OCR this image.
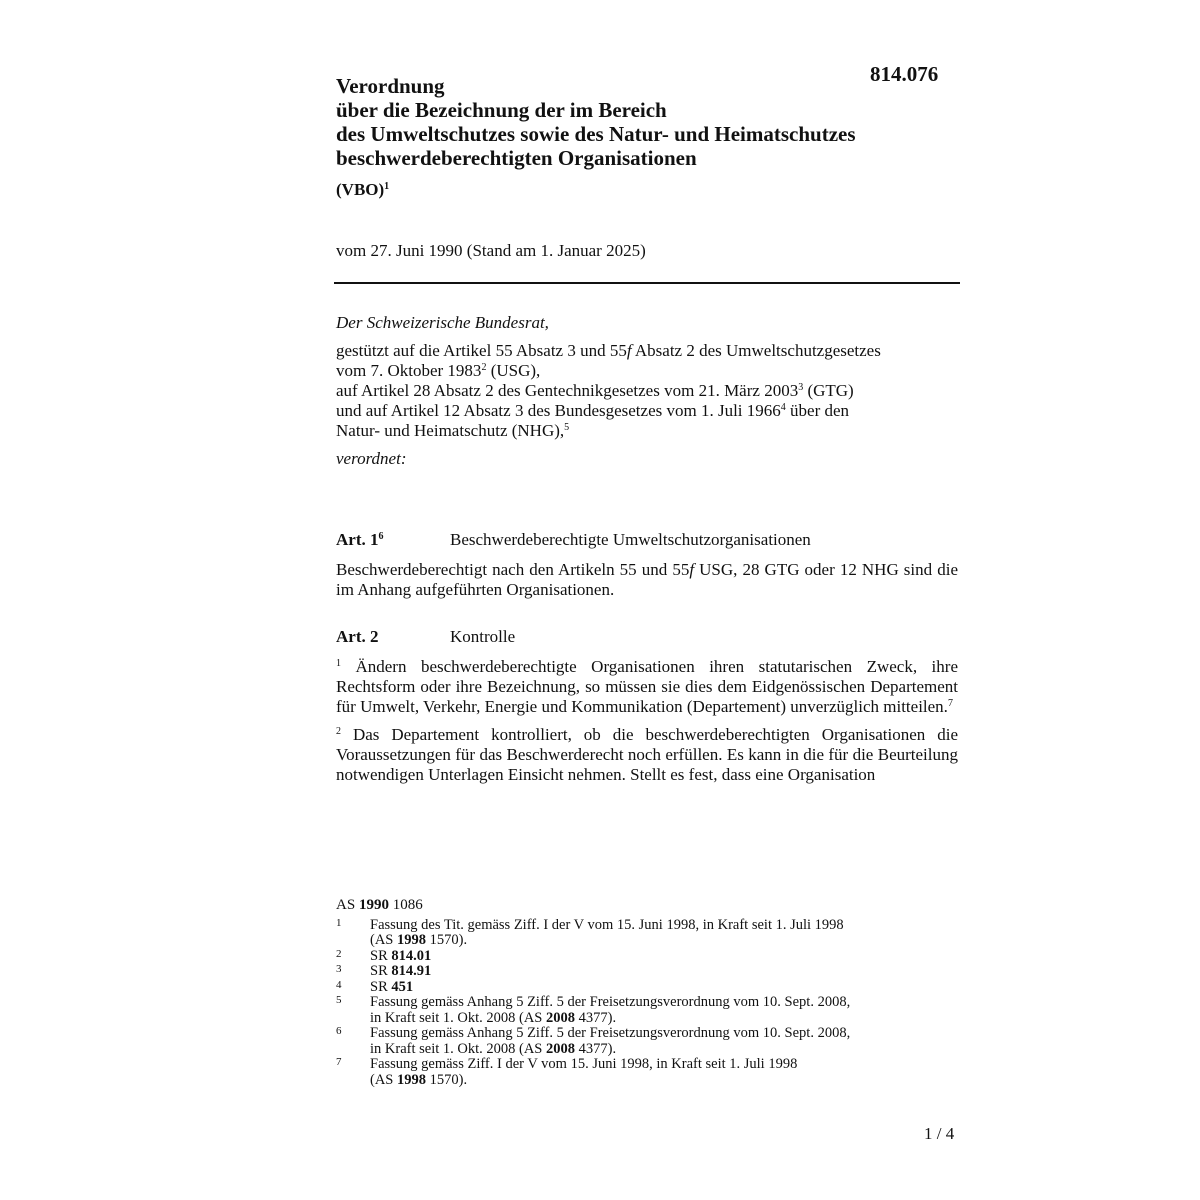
814.076
Verordnung
über die Bezeichnung der im Bereich
des Umweltschutzes sowie des Natur- und Heimatschutzes
beschwerdeberechtigten Organisationen
(VBO)$^1$
vom 27. Juni 1990 (Stand am 1. Januar 2025)
Der Schweizerische Bundesrat,
gestützt auf die Artikel 55 Absatz 3 und 55f Absatz 2 des Umweltschutzgesetzes
vom 7. Oktober 1983$^2$ (USG),
auf Artikel 28 Absatz 2 des Gentechnikgesetzes vom 21. März 2003$^3$ (GTG)
und auf Artikel 12 Absatz 3 des Bundesgesetzes vom 1. Juli 1966$^4$ über den
Natur- und Heimatschutz (NHG),$^5$
verordnet:
Art. $1^6$	Beschwerdeberechtigte Umweltschutzorganisationen
Beschwerdeberechtigt nach den Artikeln 55 und 55f USG, 28 GTG oder 12 NHG sind die im Anhang aufgeführten Organisationen.
Art. 2	Kontrolle
$^1$ Ändern beschwerdeberechtigte Organisationen ihren statutarischen Zweck, ihre Rechtsform oder ihre Bezeichnung, so müssen sie dies dem Eidgenössischen Departement für Umwelt, Verkehr, Energie und Kommunikation (Departement) unverzüglich mitteilen.$^7$
$^2$ Das Departement kontrolliert, ob die beschwerdeberechtigten Organisationen die Voraussetzungen für das Beschwerderecht noch erfüllen. Es kann in die für die Beurteilung notwendigen Unterlagen Einsicht nehmen. Stellt es fest, dass eine Organisation
AS 1990 1086
1 Fassung des Tit. gemäss Ziff. I der V vom 15. Juni 1998, in Kraft seit 1. Juli 1998
(AS 1998 1570).
2 SR 814.01
3 SR 814.91
4 SR 451
5 Fassung gemäss Anhang 5 Ziff. 5 der Freisetzungsverordnung vom 10. Sept. 2008,
in Kraft seit 1. Okt. 2008 (AS 2008 4377).
6 Fassung gemäss Anhang 5 Ziff. 5 der Freisetzungsverordnung vom 10. Sept. 2008,
in Kraft seit 1. Okt. 2008 (AS 2008 4377).
7 Fassung gemäss Ziff. I der V vom 15. Juni 1998, in Kraft seit 1. Juli 1998
(AS 1998 1570).
1 / 4
